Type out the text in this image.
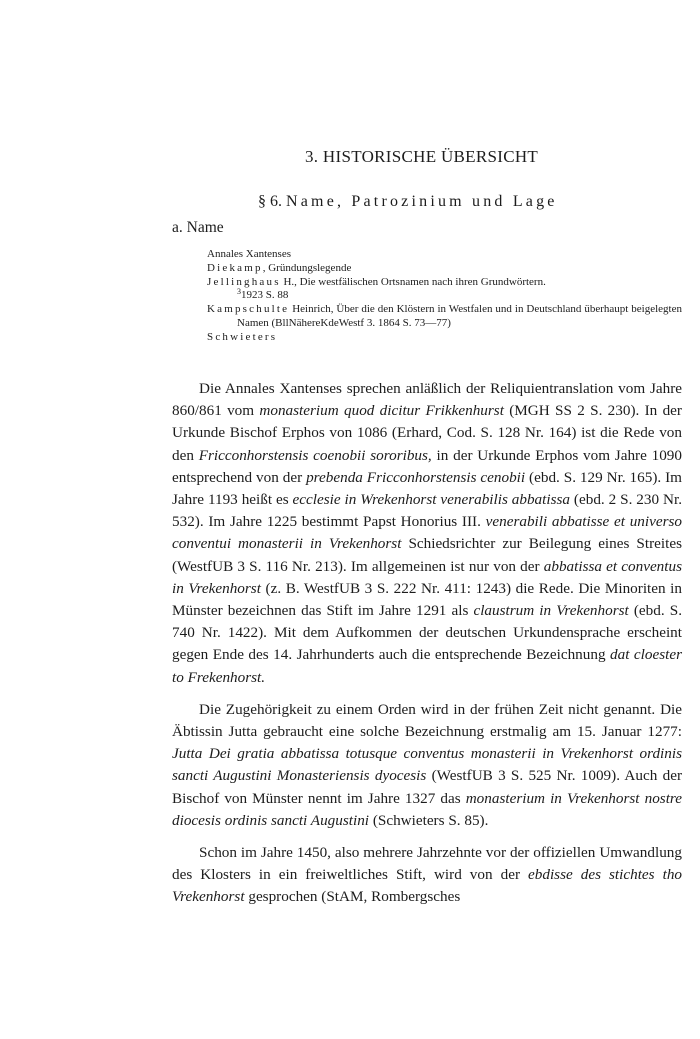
3. HISTORISCHE ÜBERSICHT
§ 6. Name, Patrozinium und Lage
a. Name
Annales Xantenses
Diekamp, Gründungslegende
Jellinghaus H., Die westfälischen Ortsnamen nach ihren Grundwörtern.
$^3$1923 S. 88
Kampschulte Heinrich, Über die den Klöstern in Westfalen und in Deutschland überhaupt beigelegten Namen (BllNähereKdeWestf 3. 1864 S. 73—77)
Schwieters

Die Annales Xantenses sprechen anläßlich der Reliquientranslation vom Jahre 860/861 vom monasterium quod dicitur Frikkenhurst (MGH SS 2 S. 230). In der Urkunde Bischof Erphos von 1086 (Erhard, Cod. S. 128 Nr. 164) ist die Rede von den Fricconhorstensis coenobii sororibus, in der Urkunde Erphos vom Jahre 1090 entsprechend von der prebenda Fricconhorstensis cenobii (ebd. S. 129 Nr. 165). Im Jahre 1193 heißt es ecclesie in Wrekenhorst venerabilis abbatissa (ebd. 2 S. 230 Nr. 532). Im Jahre 1225 bestimmt Papst Honorius III. venerabili abbatisse et universo conventui monasterii in Vrekenhorst Schiedsrichter zur Beilegung eines Streites (WestfUB 3 S. 116 Nr. 213). Im allgemeinen ist nur von der abbatissa et conventus in Vrekenhorst (z. B. WestfUB 3 S. 222 Nr. 411: 1243) die Rede. Die Minoriten in Münster bezeichnen das Stift im Jahre 1291 als claustrum in Vrekenhorst (ebd. S. 740 Nr. 1422). Mit dem Aufkommen der deutschen Urkundensprache erscheint gegen Ende des 14. Jahrhunderts auch die entsprechende Bezeichnung dat cloester to Frekenhorst.

Die Zugehörigkeit zu einem Orden wird in der frühen Zeit nicht genannt. Die Äbtissin Jutta gebraucht eine solche Bezeichnung erstmalig am 15. Januar 1277: Jutta Dei gratia abbatissa totusque conventus monasterii in Vrekenhorst ordinis sancti Augustini Monasteriensis dyocesis (WestfUB 3 S. 525 Nr. 1009). Auch der Bischof von Münster nennt im Jahre 1327 das monasterium in Vrekenhorst nostre diocesis ordinis sancti Augustini (Schwieters S. 85).

Schon im Jahre 1450, also mehrere Jahrzehnte vor der offiziellen Umwandlung des Klosters in ein freiweltliches Stift, wird von der ebdisse des stichtes tho Vrekenhorst gesprochen (StAM, Rombergsches
